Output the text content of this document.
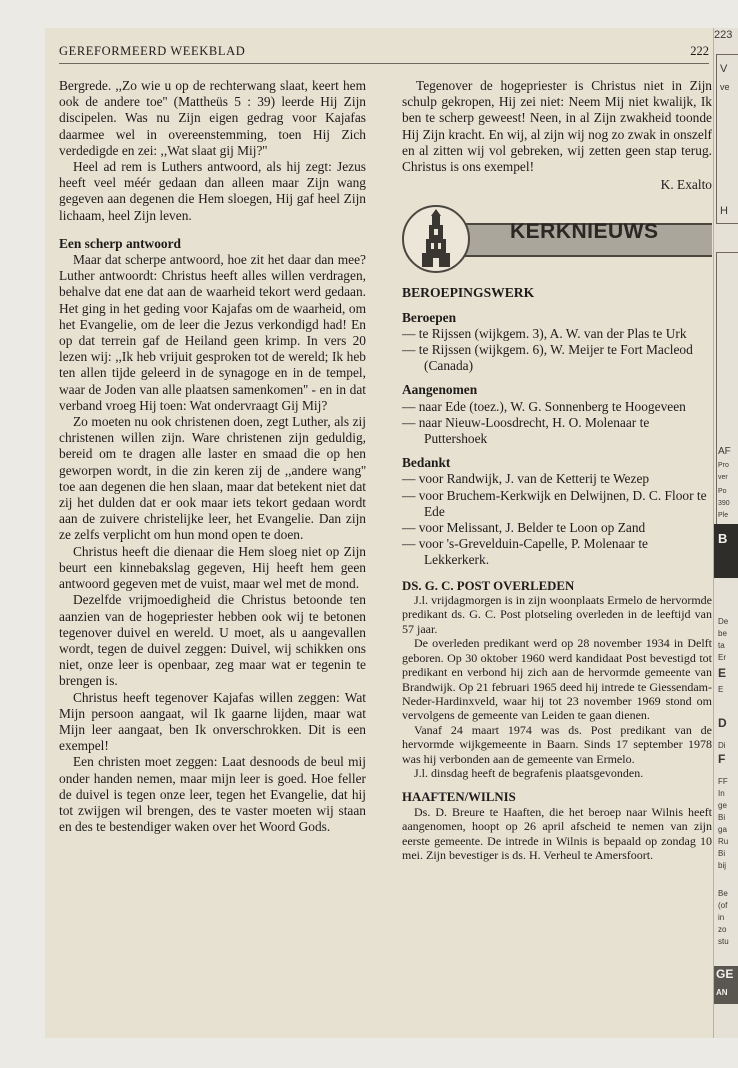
GEREFORMEERD WEEKBLAD	222

Bergrede. ,,Zo wie u op de rechterwang slaat, keert hem ook de andere toe'' (Mattheüs 5 : 39) leerde Hij Zijn discipelen. Was nu Zijn eigen gedrag voor Kajafas daarmee wel in overeenstemming, toen Hij Zich verdedigde en zei: ,,Wat slaat gij Mij?''

Heel ad rem is Luthers antwoord, als hij zegt: Jezus heeft veel méér gedaan dan alleen maar Zijn wang gegeven aan degenen die Hem sloegen, Hij gaf heel Zijn lichaam, heel Zijn leven.

Een scherp antwoord

Maar dat scherpe antwoord, hoe zit het daar dan mee? Luther antwoordt: Christus heeft alles willen verdragen, behalve dat ene dat aan de waarheid tekort werd gedaan. Het ging in het geding voor Kajafas om de waarheid, om het Evangelie, om de leer die Jezus verkondigd had! En op dat terrein gaf de Heiland geen krimp. In vers 20 lezen wij: ,,Ik heb vrijuit gesproken tot de wereld; Ik heb ten allen tijde geleerd in de synagoge en in de tempel, waar de Joden van alle plaatsen samenkomen'' - en in dat verband vroeg Hij toen: Wat ondervraagt Gij Mij?

Zo moeten nu ook christenen doen, zegt Luther, als zij christenen willen zijn. Ware christenen zijn geduldig, bereid om te dragen alle laster en smaad die op hen geworpen wordt, in die zin keren zij de ,,andere wang'' toe aan degenen die hen slaan, maar dat betekent niet dat zij het dulden dat er ook maar iets tekort gedaan wordt aan de zuivere christelijke leer, het Evangelie. Dan zijn ze zelfs verplicht om hun mond open te doen.

Christus heeft die dienaar die Hem sloeg niet op Zijn beurt een kinnebakslag gegeven, Hij heeft hem geen antwoord gegeven met de vuist, maar wel met de mond.

Dezelfde vrijmoedigheid die Christus betoonde ten aanzien van de hogepriester hebben ook wij te betonen tegenover duivel en wereld. U moet, als u aangevallen wordt, tegen de duivel zeggen: Duivel, wij schikken ons niet, onze leer is openbaar, zeg maar wat er tegenin te brengen is.

Christus heeft tegenover Kajafas willen zeggen: Wat Mijn persoon aangaat, wil Ik gaarne lijden, maar wat Mijn leer aangaat, ben Ik onverschrokken. Dit is een exempel!

Een christen moet zeggen: Laat desnoods de beul mij onder handen nemen, maar mijn leer is goed. Hoe feller de duivel is tegen onze leer, tegen het Evangelie, dat hij tot zwijgen wil brengen, des te vaster moeten wij staan en des te bestendiger waken over het Woord Gods.

Tegenover de hogepriester is Christus niet in Zijn schulp gekropen, Hij zei niet: Neem Mij niet kwalijk, Ik ben te scherp geweest! Neen, in al Zijn zwakheid toonde Hij Zijn kracht. En wij, al zijn wij nog zo zwak in onszelf en al zitten wij vol gebreken, wij zetten geen stap terug. Christus is ons exempel!

K. Exalto

KERKNIEUWS
BEROEPINGSWERK
Beroepen
— te Rijssen (wijkgem. 3), A. W. van der Plas te Urk
— te Rijssen (wijkgem. 6), W. Meijer te Fort Macleod (Canada)
Aangenomen
— naar Ede (toez.), W. G. Sonnenberg te Hoogeveen
— naar Nieuw-Loosdrecht, H. O. Molenaar te Puttershoek
Bedankt
— voor Randwijk, J. van de Ketterij te Wezep
— voor Bruchem-Kerkwijk en Delwijnen, D. C. Floor te Ede
— voor Melissant, J. Belder te Loon op Zand
— voor 's-Grevelduin-Capelle, P. Molenaar te Lekkerkerk.
DS. G. C. POST OVERLEDEN

J.l. vrijdagmorgen is in zijn woonplaats Ermelo de hervormde predikant ds. G. C. Post plotseling overleden in de leeftijd van 57 jaar.

De overleden predikant werd op 28 november 1934 in Delft geboren. Op 30 oktober 1960 werd kandidaat Post bevestigd tot predikant en verbond hij zich aan de hervormde gemeente van Brandwijk. Op 21 februari 1965 deed hij intrede te Giessendam-Neder-Hardinxveld, waar hij tot 23 november 1969 stond om vervolgens de gemeente van Leiden te gaan dienen.

Vanaf 24 maart 1974 was ds. Post predikant van de hervormde wijkgemeente in Baarn. Sinds 17 september 1978 was hij verbonden aan de gemeente van Ermelo.

J.l. dinsdag heeft de begrafenis plaatsgevonden.

HAAFTEN/WILNIS

Ds. D. Breure te Haaften, die het beroep naar Wilnis heeft aangenomen, hoopt op 26 april afscheid te nemen van zijn eerste gemeente. De intrede in Wilnis is bepaald op zondag 10 mei. Zijn bevestiger is ds. H. Verheul te Amersfoort.

223
V
ve
H
AF
Pro
ver
Po
390
Ple
B
De
be
ta
Er
E
E
D
Di
F
FF
In
ge
Bi
ga
Ru
Bi
bij
Be
(of
in
zo
stu
GE
AN
